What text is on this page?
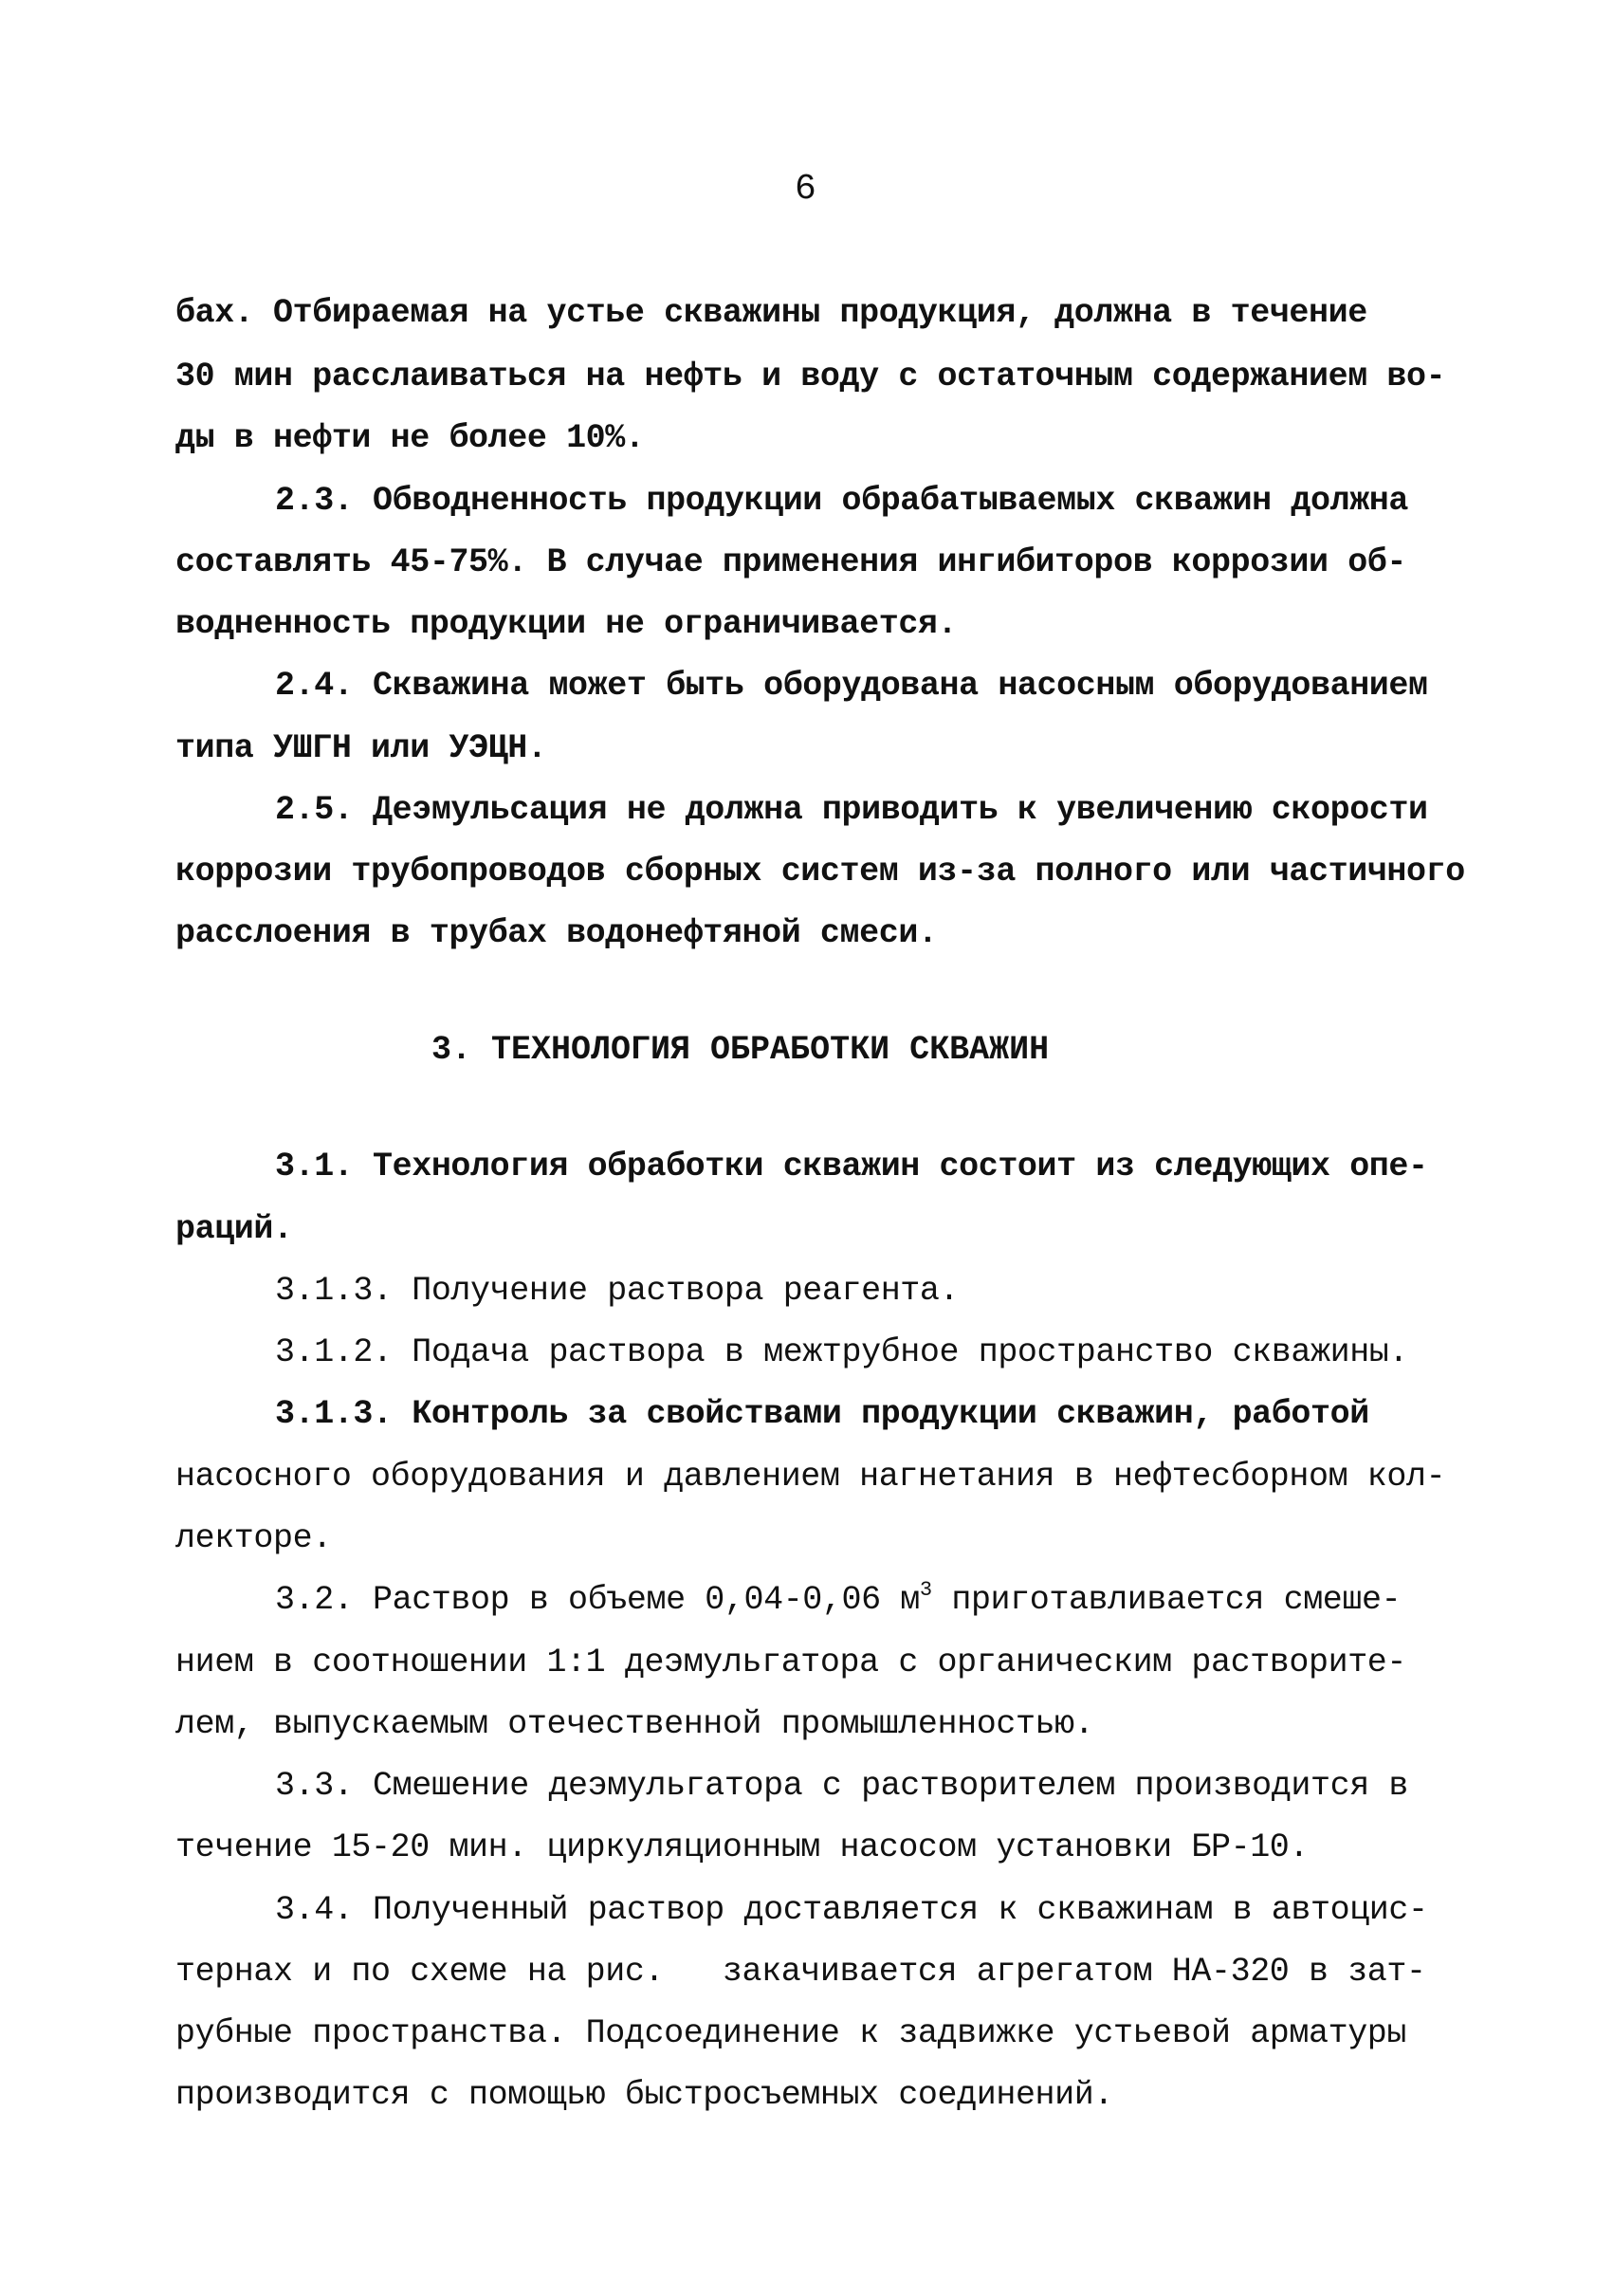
6
бах. Отбираемая на устье скважины продукция, должна в течение
30 мин расслаиваться на нефть и воду с остаточным содержанием во-
ды в нефти не более 10%.
2.3. Обводненность продукции обрабатываемых скважин должна
составлять 45-75%. В случае применения ингибиторов коррозии об-
водненность продукции не ограничивается.
2.4. Скважина может быть оборудована насосным оборудованием
типа УШГН или УЭЦН.
2.5. Деэмульсация не должна приводить к увеличению скорости
коррозии трубопроводов сборных систем из-за полного или частичного
расслоения в трубах водонефтяной смеси.
3. ТЕХНОЛОГИЯ ОБРАБОТКИ СКВАЖИН
3.1. Технология обработки скважин состоит из следующих опе-
раций.
3.1.3. Получение раствора реагента.
3.1.2. Подача раствора в межтрубное пространство скважины.
3.1.3. Контроль за свойствами продукции скважин, работой
насосного оборудования и давлением нагнетания в нефтесборном кол-
лекторе.
3.2. Раствор в объеме 0,04-0,06 $м^3$ приготавливается смеше-
нием в соотношении 1:1 деэмульгатора с органическим растворите-
лем, выпускаемым отечественной промышленностью.
3.3. Смешение деэмульгатора с растворителем производится в
течение 15-20 мин. циркуляционным насосом установки БР-10.
3.4. Полученный раствор доставляется к скважинам в автоцис-
тернах и по схеме на рис.   закачивается агрегатом НА-320 в зат-
рубные пространства. Подсоединение к задвижке устьевой арматуры
производится с помощью быстросъемных соединений.
